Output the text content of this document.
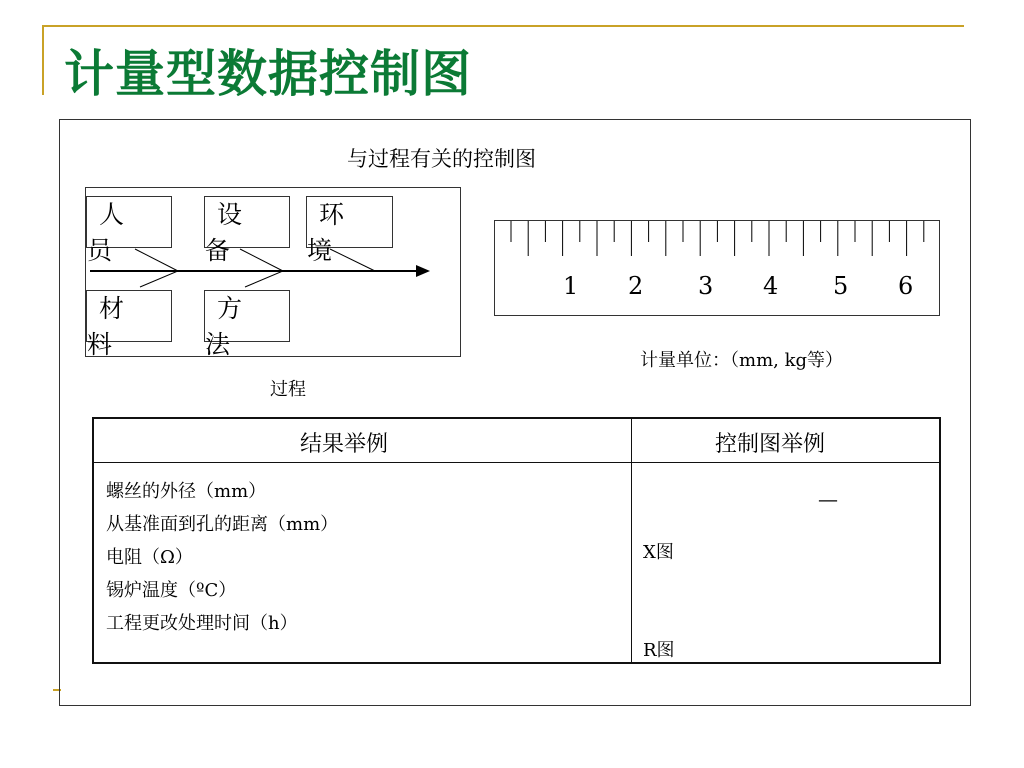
计量型数据控制图
与过程有关的控制图
人
员
设
备
环
境
材
料
方
法
过程
1 2 3 4 5 6
计量单位：（mm, kg等）
结果举例	控制图举例
螺丝的外径（mm）
从基准面到孔的距离（mm）
电阻（Ω）
锡炉温度（ºC）
工程更改处理时间（h）
—
X图
R图
